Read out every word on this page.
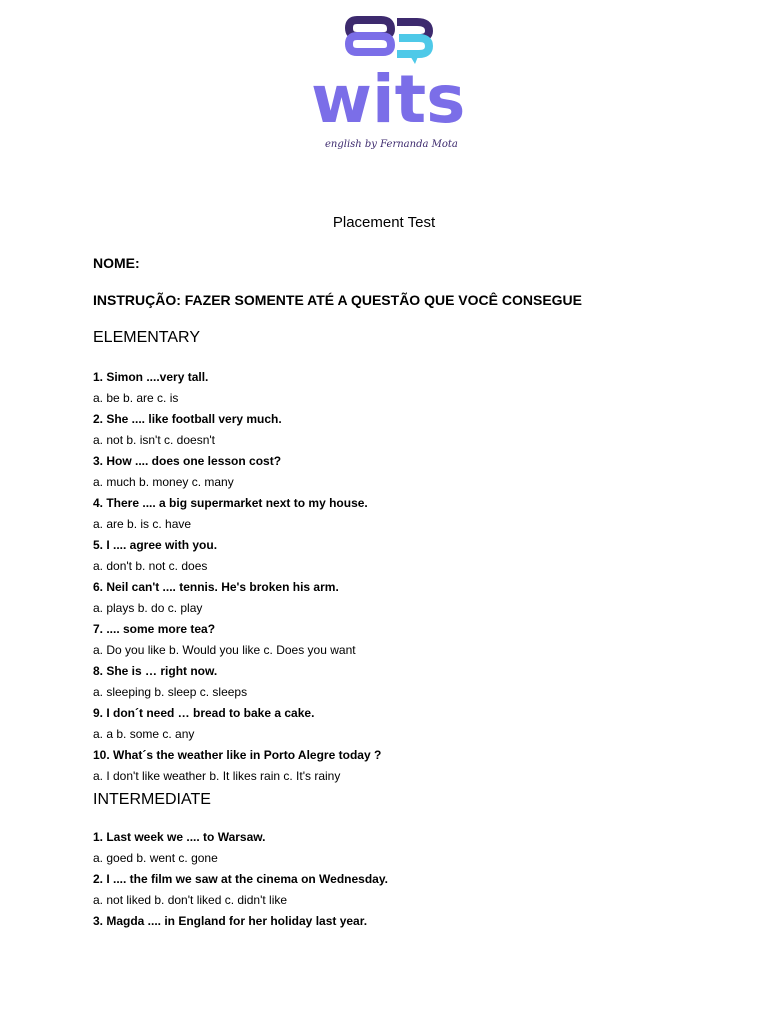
wits
english by Fernanda Mota
Placement Test
NOME:
INSTRUÇÃO: FAZER SOMENTE ATÉ A QUESTÃO QUE VOCÊ CONSEGUE
ELEMENTARY
1. Simon ....very tall.
a. be b. are c. is
2. She .... like football very much.
a. not b. isn't c. doesn't
3. How .... does one lesson cost?
a. much b. money c. many
4. There .... a big supermarket next to my house.
a. are b. is c. have
5. I .... agree with you.
a. don't b. not c. does
6. Neil can't .... tennis. He's broken his arm.
a. plays b. do c. play
7. .... some more tea?
a. Do you like b. Would you like c. Does you want
8. She is … right now.
a. sleeping b. sleep c. sleeps
9. I don´t need … bread to bake a cake.
a. a b. some c. any
10. What´s the weather like in Porto Alegre today ?
a. I don't like weather b. It likes rain c. It's rainy
INTERMEDIATE
1. Last week we .... to Warsaw.
a. goed b. went c. gone
2. I .... the film we saw at the cinema on Wednesday.
a. not liked b. don't liked c. didn't like
3. Magda .... in England for her holiday last year.
